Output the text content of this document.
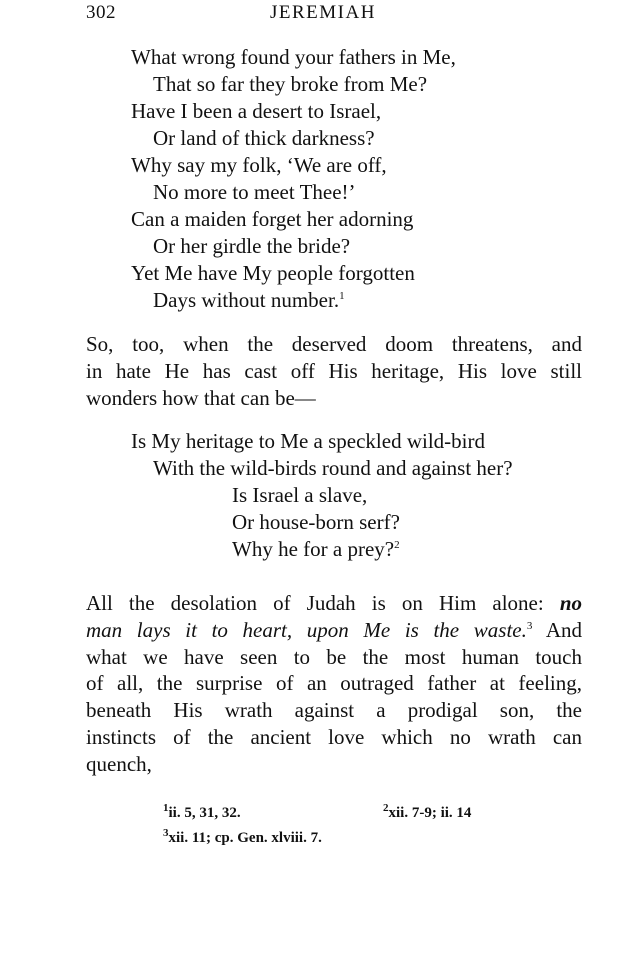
302	JEREMIAH
What wrong found your fathers in Me,
That so far they broke from Me?
Have I been a desert to Israel,
Or land of thick darkness?
Why say my folk, ‘We are off,
No more to meet Thee!’
Can a maiden forget her adorning
Or her girdle the bride?
Yet Me have My people forgotten
Days without number.$^1$
So, too, when the deserved doom threatens, and
in hate He has cast off His heritage, His love still
wonders how that can be—
Is My heritage to Me a speckled wild-bird
With the wild-birds round and against her?
Is Israel a slave,
Or house-born serf?
Why he for a prey?$^2$
All the desolation of Judah is on Him alone: no
man lays it to heart, upon Me is the waste.$^3$ And
what we have seen to be the most human touch
of all, the surprise of an outraged father at feeling,
beneath His wrath against a prodigal son, the
instincts of the ancient love which no wrath can
quench,
$^1$ii. 5, 31, 32.	$^2$xii. 7-9; ii. 14
$^3$xii. 11; cp. Gen. xlviii. 7.
